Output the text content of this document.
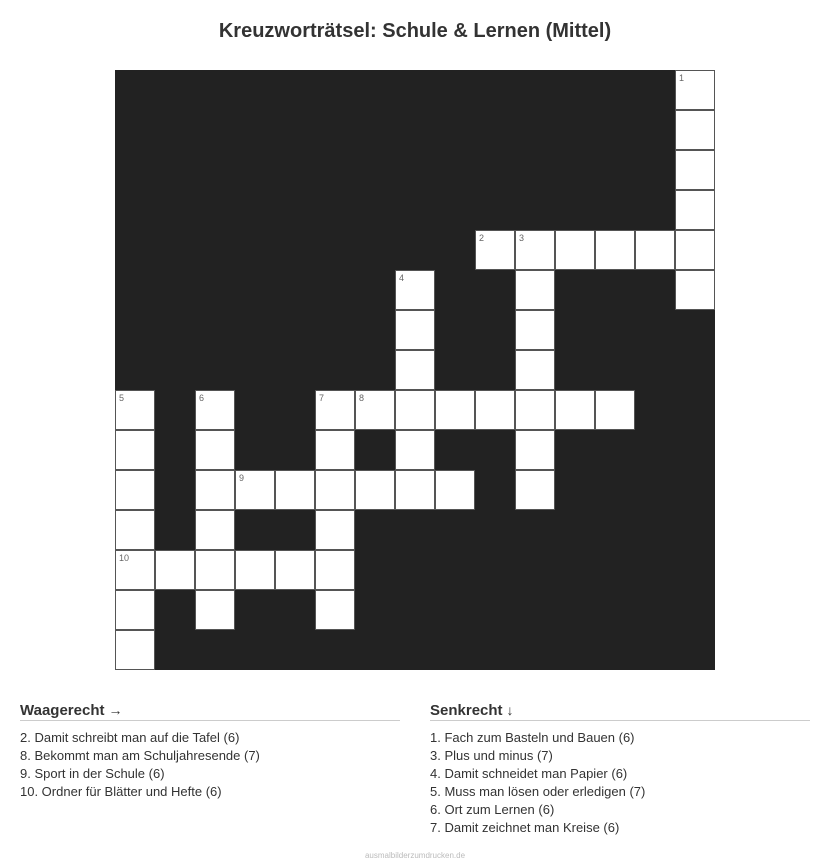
Kreuzworträtsel: Schule & Lernen (Mittel)
1
2	3
4
5	6	7	8
9
10
Waagerecht →
2. Damit schreibt man auf die Tafel (6)
8. Bekommt man am Schuljahresende (7)
9. Sport in der Schule (6)
10. Ordner für Blätter und Hefte (6)
Senkrecht ↓
1. Fach zum Basteln und Bauen (6)
3. Plus und minus (7)
4. Damit schneidet man Papier (6)
5. Muss man lösen oder erledigen (7)
6. Ort zum Lernen (6)
7. Damit zeichnet man Kreise (6)
ausmalbilderzumdrucken.de
